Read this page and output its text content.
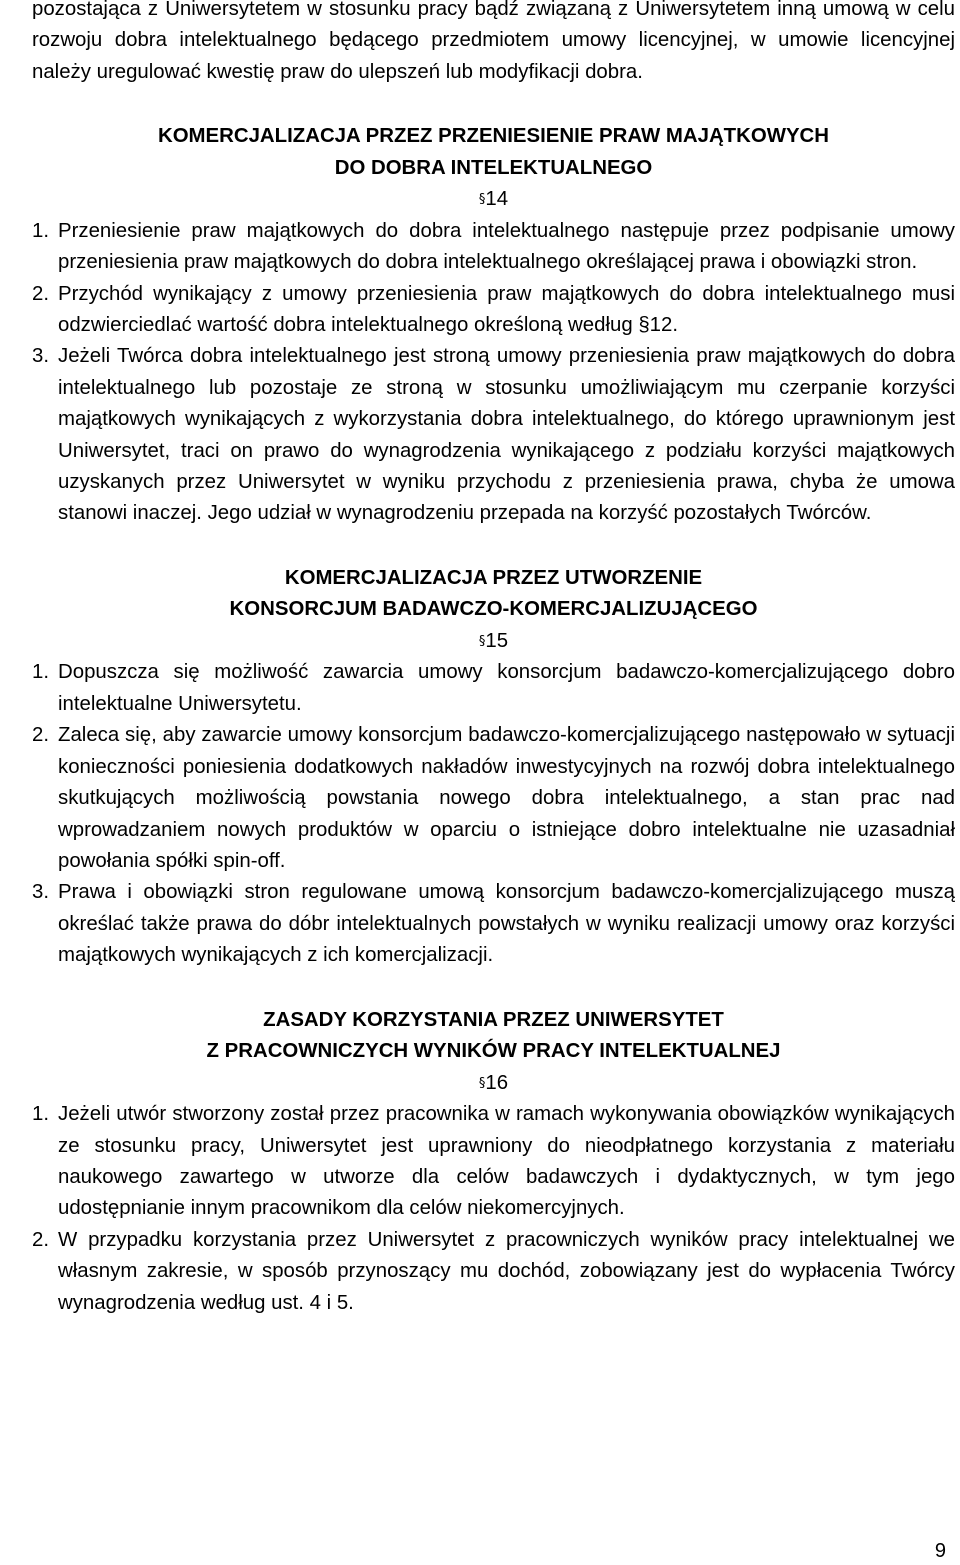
pozostająca z Uniwersytetem w stosunku pracy bądź związaną z Uniwersytetem inną umową w celu rozwoju dobra intelektualnego będącego przedmiotem umowy licencyjnej, w umowie licencyjnej należy uregulować kwestię praw do ulepszeń lub modyfikacji dobra.

KOMERCJALIZACJA PRZEZ PRZENIESIENIE PRAW MAJĄTKOWYCH

DO DOBRA INTELEKTUALNEGO

§14

1. Przeniesienie praw majątkowych do dobra intelektualnego następuje przez podpisanie umowy przeniesienia praw majątkowych do dobra intelektualnego określającej prawa i obowiązki stron.
2. Przychód wynikający z umowy przeniesienia praw majątkowych do dobra intelektualnego musi odzwierciedlać wartość dobra intelektualnego określoną według §12.
3. Jeżeli Twórca dobra intelektualnego jest stroną umowy przeniesienia praw majątkowych do dobra intelektualnego lub pozostaje ze stroną w stosunku umożliwiającym mu czerpanie korzyści majątkowych wynikających z wykorzystania dobra intelektualnego, do którego uprawnionym jest Uniwersytet, traci on prawo do wynagrodzenia wynikającego z podziału korzyści majątkowych uzyskanych przez Uniwersytet w wyniku przychodu z przeniesienia prawa, chyba że umowa stanowi inaczej. Jego udział w wynagrodzeniu przepada na korzyść pozostałych Twórców.

KOMERCJALIZACJA PRZEZ UTWORZENIE

KONSORCJUM BADAWCZO-KOMERCJALIZUJĄCEGO

§15

1. Dopuszcza się możliwość zawarcia umowy konsorcjum badawczo-komercjalizującego dobro intelektualne Uniwersytetu.
2. Zaleca się, aby zawarcie umowy konsorcjum badawczo-komercjalizującego następowało w sytuacji konieczności poniesienia dodatkowych nakładów inwestycyjnych na rozwój dobra intelektualnego skutkujących możliwością powstania nowego dobra intelektualnego, a stan prac nad wprowadzaniem nowych produktów w oparciu o istniejące dobro intelektualne nie uzasadniał powołania spółki spin-off.
3. Prawa i obowiązki stron regulowane umową konsorcjum badawczo-komercjalizującego muszą określać także prawa do dóbr intelektualnych powstałych w wyniku realizacji umowy oraz korzyści majątkowych wynikających z ich komercjalizacji.

ZASADY KORZYSTANIA PRZEZ UNIWERSYTET

Z PRACOWNICZYCH WYNIKÓW PRACY INTELEKTUALNEJ

§16

1. Jeżeli utwór stworzony został przez pracownika w ramach wykonywania obowiązków wynikających ze stosunku pracy, Uniwersytet jest uprawniony do nieodpłatnego korzystania z materiału naukowego zawartego w utworze dla celów badawczych i dydaktycznych, w tym jego udostępnianie innym pracownikom dla celów niekomercyjnych.
2. W przypadku korzystania przez Uniwersytet z pracowniczych wyników pracy intelektualnej we własnym zakresie, w sposób przynoszący mu dochód, zobowiązany jest do wypłacenia Twórcy wynagrodzenia według ust. 4 i 5.
9
